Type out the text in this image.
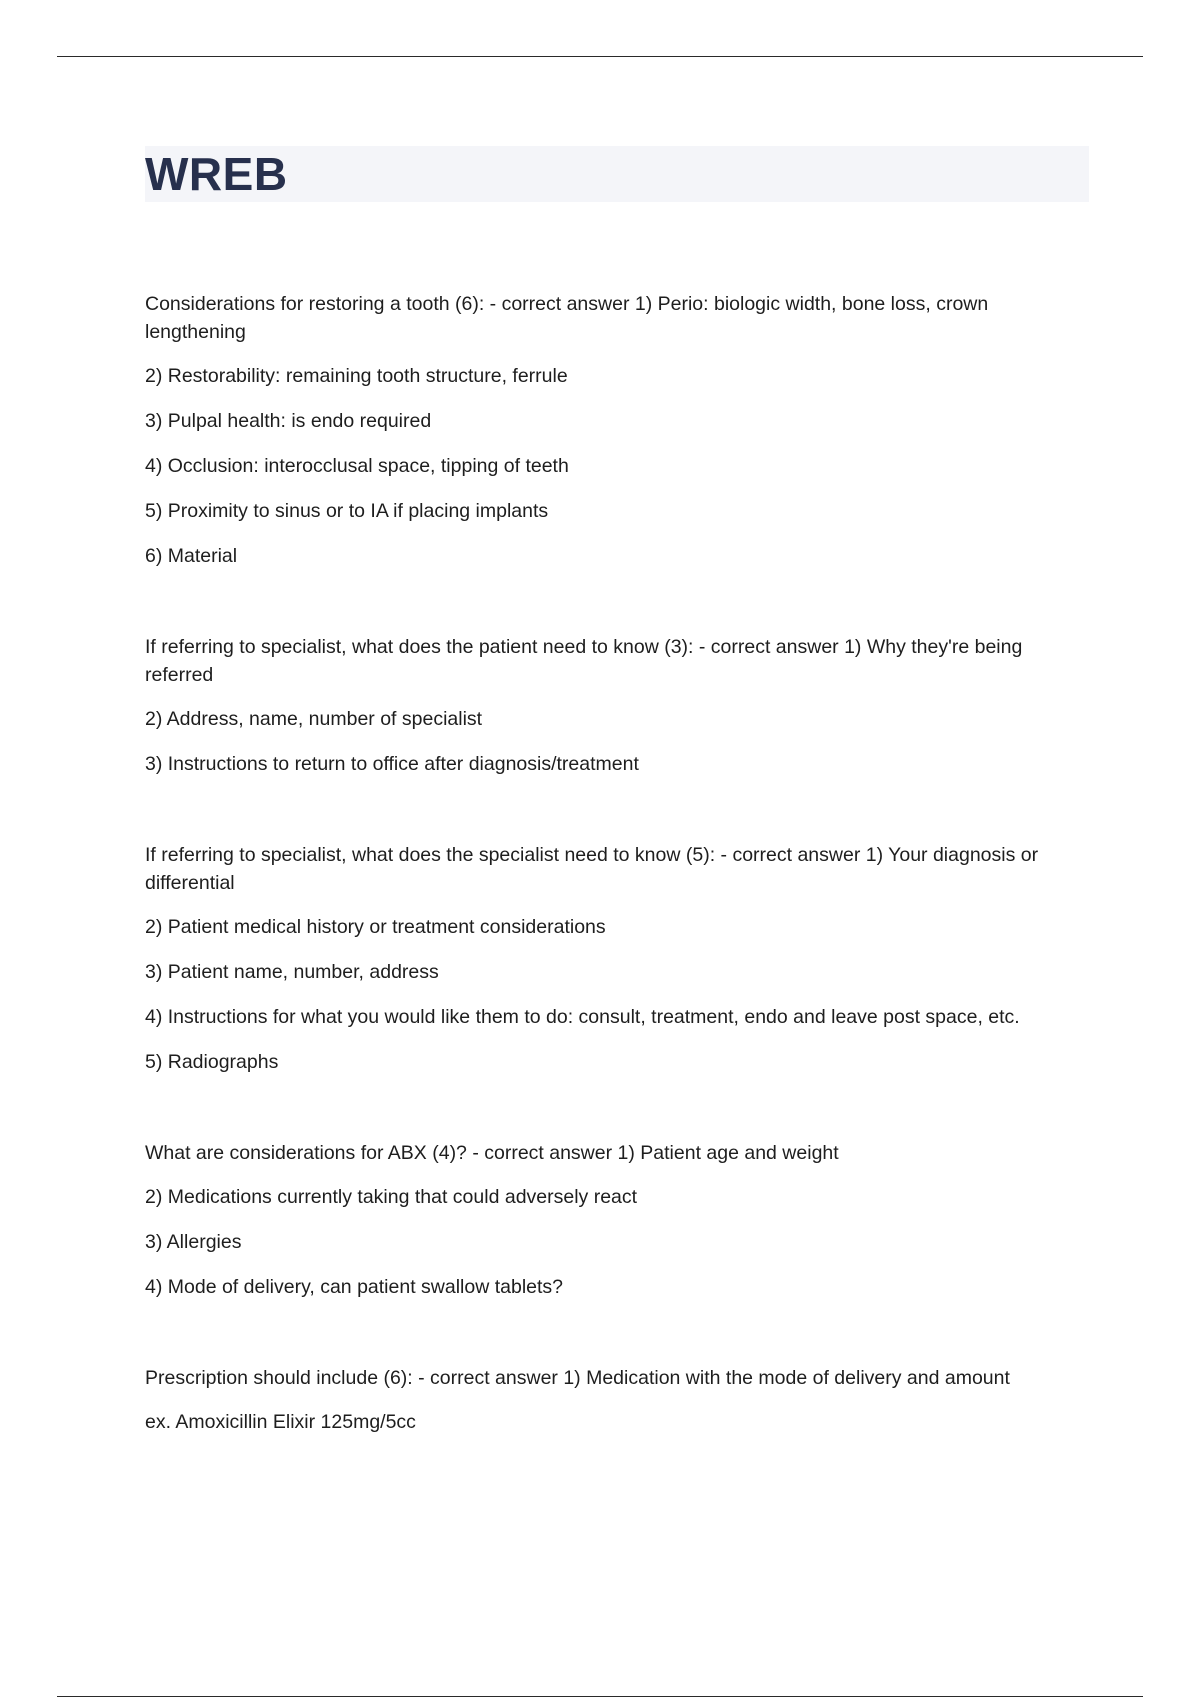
WREB

Considerations for restoring a tooth (6): - correct answer 1) Perio: biologic width, bone loss, crown lengthening

2) Restorability: remaining tooth structure, ferrule

3) Pulpal health: is endo required

4) Occlusion: interocclusal space, tipping of teeth

5) Proximity to sinus or to IA if placing implants

6) Material

If referring to specialist, what does the patient need to know (3): - correct answer 1) Why they're being referred

2) Address, name, number of specialist

3) Instructions to return to office after diagnosis/treatment

If referring to specialist, what does the specialist need to know (5): - correct answer 1) Your diagnosis or differential

2) Patient medical history or treatment considerations

3) Patient name, number, address

4) Instructions for what you would like them to do: consult, treatment, endo and leave post space, etc.

5) Radiographs

What are considerations for ABX (4)? - correct answer 1) Patient age and weight

2) Medications currently taking that could adversely react

3) Allergies

4) Mode of delivery, can patient swallow tablets?

Prescription should include (6): - correct answer 1) Medication with the mode of delivery and amount

ex. Amoxicillin Elixir 125mg/5cc
